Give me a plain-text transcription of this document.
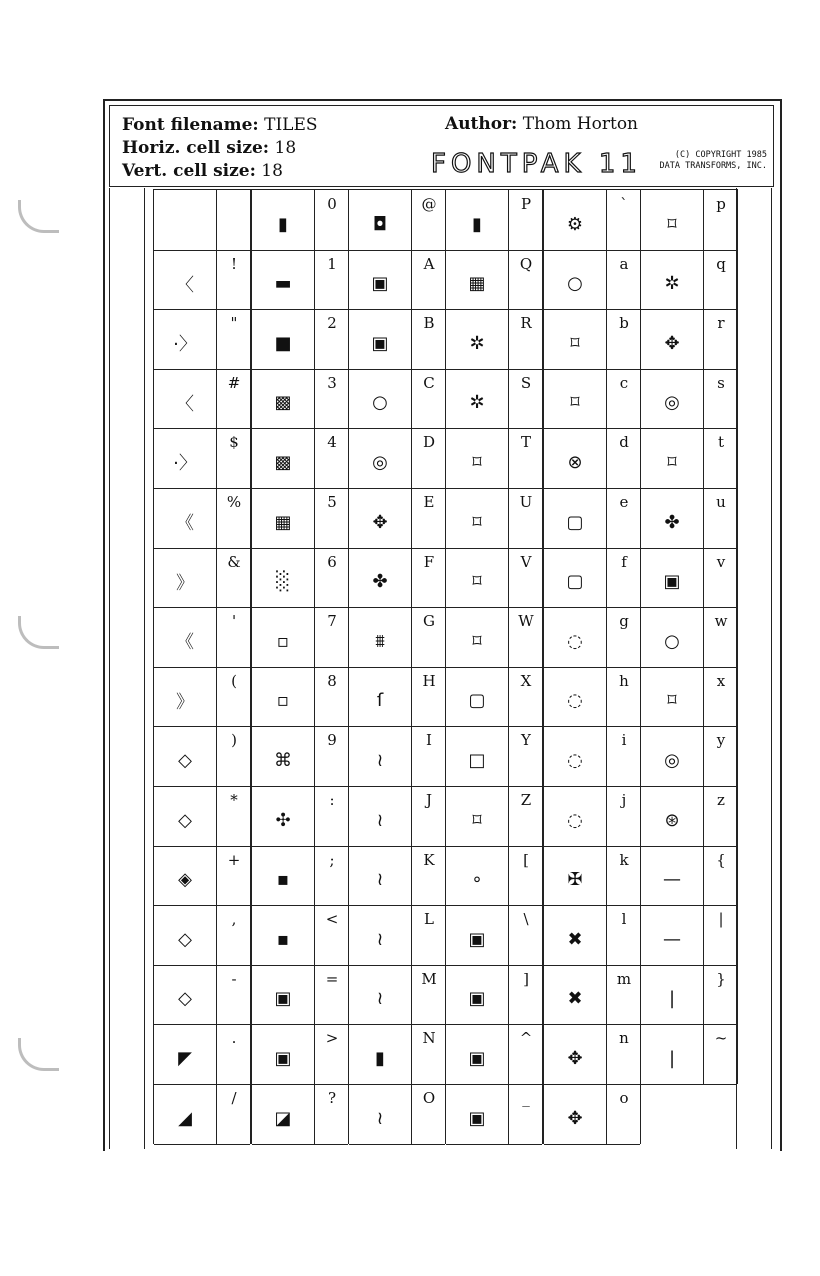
Font filename: TILES
Horiz. cell size: 18
Vert. cell size: 18
Author: Thom Horton
FONTPAK 11	(C) COPYRIGHT 1985
DATA TRANSFORMS, INC.
〈
!
·〉
"
〈
#
·〉
$
《
%
》
&
《
'
》
(
◇
)
◇
*
◈
+
◇
,
◇
-
◤
.
◢
/
▮
0
▬
1
■
2
▩
3
▩
4
▦
5
░
6
▫
7
▫
8
⌘
9
✣
:
▪
;
▪
<
▣
=
▣
>
◪
?
◘
@
▣
A
▣
B
○
C
◎
D
✥
E
✤
F
⩩
G
ſ
H
≀
I
≀
J
≀
K
≀
L
≀
M
▮
N
≀
O
▮
P
▦
Q
✲
R
✲
S
⌑
T
⌑
U
⌑
V
⌑
W
▢
X
□
Y
⌑
Z
∘
[
▣
\
▣
]
▣
^
▣
_
⚙
`
○
a
⌑
b
⌑
c
⊗
d
▢
e
▢
f
◌
g
◌
h
◌
i
◌
j
✠
k
✖
l
✖
m
✥
n
✥
o
⌑
p
✲
q
✥
r
◎
s
⌑
t
✤
u
▣
v
○
w
⌑
x
◎
y
⊛
z
—
{
—
|
|
}
|
~
